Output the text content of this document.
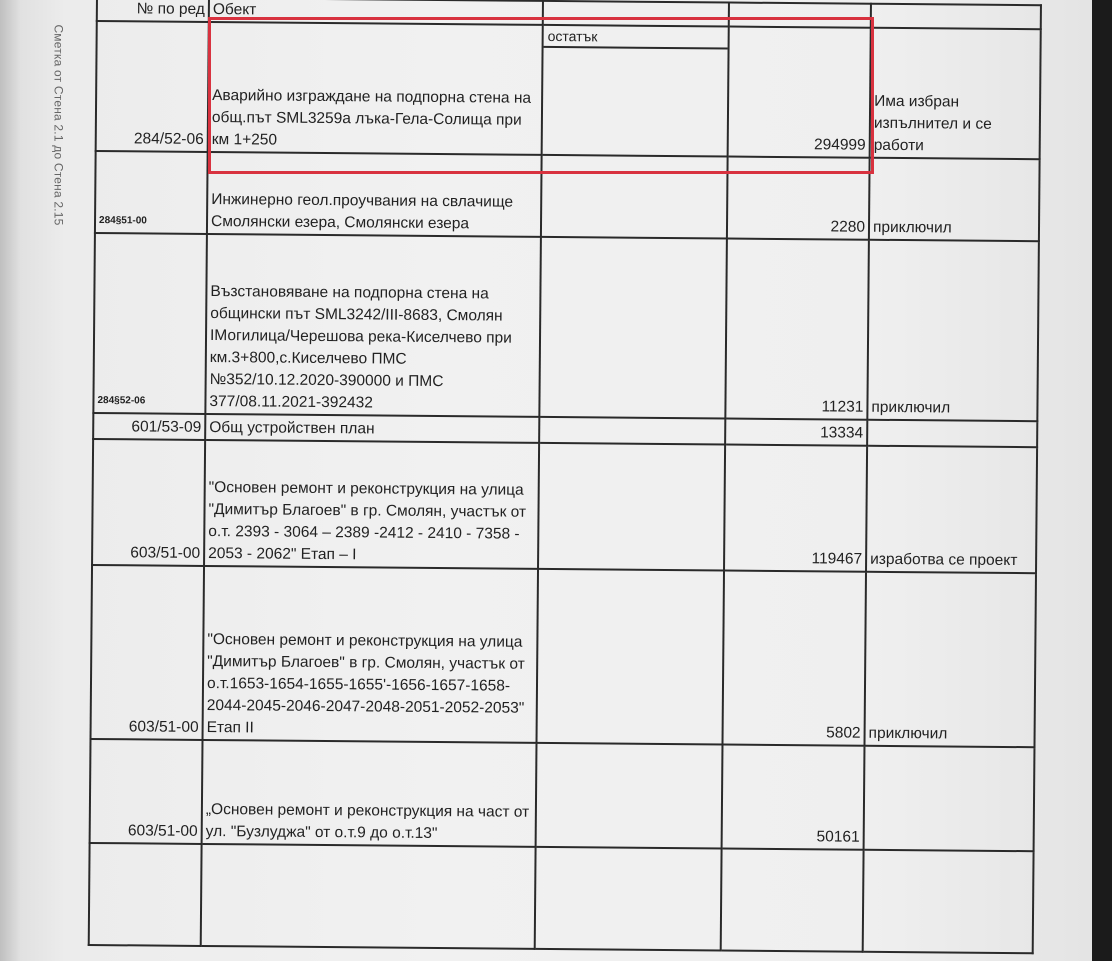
Сметка от Стена 2.1 до Стена 2.15
№ по ред	Обект			
284/52-06	Аварийно изграждане на подпорна стена на общ.път SML3259a лъка-Гела-Солища при км 1+250	остатък	294999	Има избран изпълнител и се работи
284§51-00	Инжинерно геол.проучвания на свлачище Смолянски езера, Смолянски езера		2280	приключил
284§52-06	Възстановяване на подпорна стена на общински път SML3242/III-8683, Смолян IМогилица/Черешова река-Киселчево при км.3+800,с.Киселчево ПМС №352/10.12.2020-390000 и ПМС 377/08.11.2021-392432		11231	приключил
601/53-09	Общ устройствен план		13334	
603/51-00	"Основен ремонт и реконструкция на улица "Димитър Благоев" в гр. Смолян, участък от о.т. 2393 - 3064 – 2389 -2412 - 2410 - 7358 - 2053 - 2062" Етап – I		119467	изработва се проект
603/51-00	"Основен ремонт и реконструкция на улица "Димитър Благоев" в гр. Смолян, участък от о.т.1653-1654-1655-1655'-1656-1657-1658-2044-2045-2046-2047-2048-2051-2052-2053" Етап II		5802	приключил
603/51-00	„Основен ремонт и реконструкция на част от ул. "Бузлуджа" от о.т.9 до о.т.13"		50161	
